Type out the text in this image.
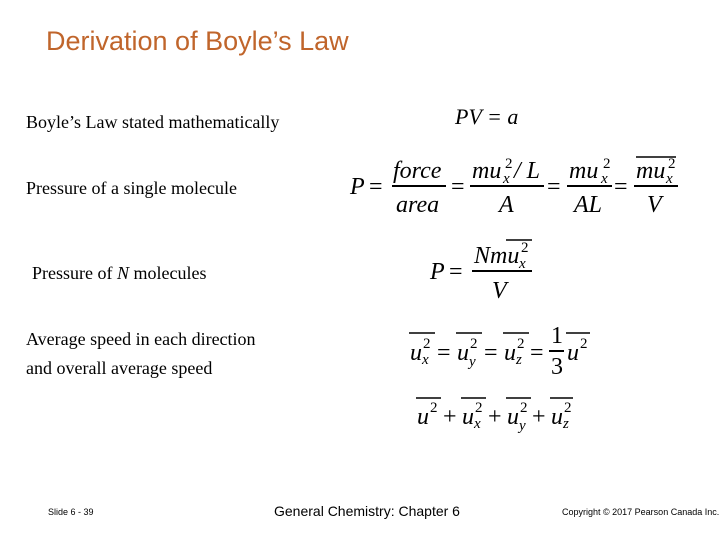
Derivation of Boyle’s Law
Boyle’s Law stated mathematically	PV = a
Pressure of a single molecule	P =
force
area
=
mu 2
x / L
A
=
mu 2
x
AL
=
mu 2
x
V
Pressure of N molecules	P =
Nmu 2
x
V
Average speed in each direction
and overall average speed
u 2
x = u 2
y = u 2
z =
1
3
u 2
u 2 + u 2
x + u 2
y + u 2
z
Slide 6 - 39	General Chemistry: Chapter 6	Copyright © 2017 Pearson Canada Inc.
